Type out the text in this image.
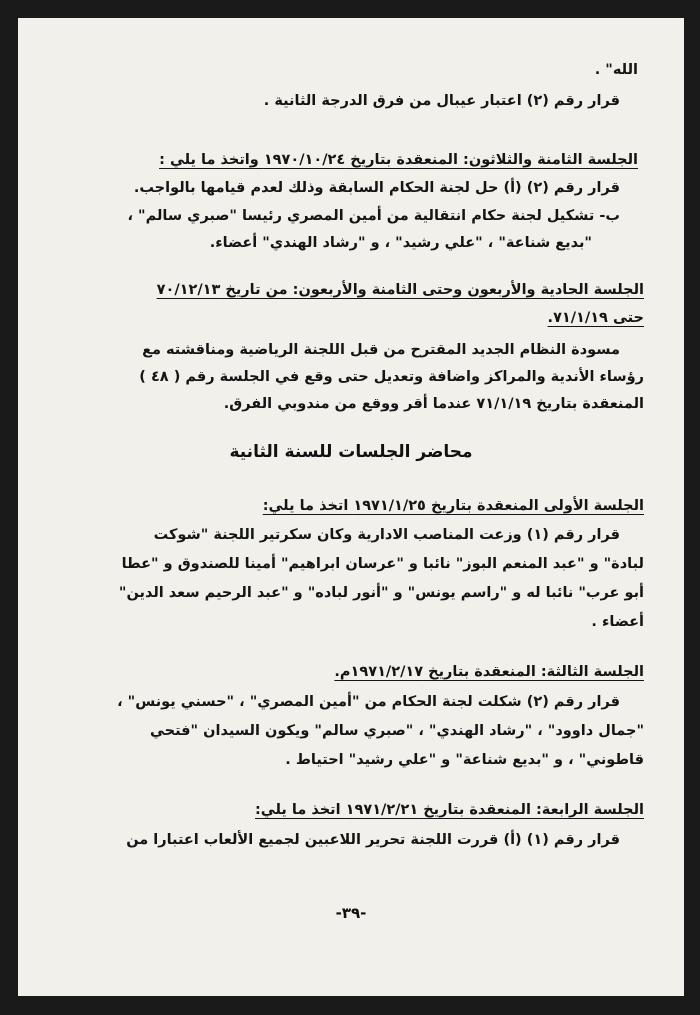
الله" .
قرار رقم (٢) اعتبار عيبال من فرق الدرجة الثانية .
الجلسة الثامنة والثلاثون: المنعقدة بتاريخ ١٩٧٠/١٠/٢٤ واتخذ ما يلي :
قرار رقم (٢) (أ) حل لجنة الحكام السابقة وذلك لعدم قيامها بالواجب.
ب- تشكيل لجنة حكام انتقالية من أمين المصري رئيسا "صبري سالم" ،
"بديع شناعة" ، "علي رشيد" ، و "رشاد الهندي" أعضاء.
الجلسة الحادية والأربعون وحتى الثامنة والأربعون: من تاريخ ٧٠/١٢/١٣
حتى ٧١/١/١٩.
مسودة النظام الجديد المقترح من قبل اللجنة الرياضية ومناقشته مع
رؤساء الأندية والمراكز واضافة وتعديل حتى وقع في الجلسة رقم ( ٤٨ )
المنعقدة بتاريخ ٧١/١/١٩ عندما أقر ووقع من مندوبي الفرق.
الجلسة الأولى المنعقدة بتاريخ ١٩٧١/١/٢٥ اتخذ ما يلي:
قرار رقم (١) وزعت المناصب الادارية وكان سكرتير اللجنة "شوكت
لبادة" و "عبد المنعم البوز" نائبا و "عرسان ابراهيم" أمينا للصندوق و "عطا
أبو عرب" نائبا له و "راسم يونس" و "أنور لباده" و "عبد الرحيم سعد الدين"
أعضاء .
الجلسة الثالثة: المنعقدة بتاريخ ١٩٧١/٢/١٧م.
قرار رقم (٢) شكلت لجنة الحكام من "أمين المصري" ، "حسني يونس" ،
"جمال داوود" ، "رشاد الهندي" ، "صبري سالم" ويكون السيدان "فتحي
قاطوني" ، و "بديع شناعة" و "علي رشيد" احتياط .
الجلسة الرابعة: المنعقدة بتاريخ ١٩٧١/٢/٢١ اتخذ ما يلي:
قرار رقم (١) (أ) قررت اللجنة تحرير اللاعبين لجميع الألعاب اعتبارا من
محاضر الجلسات للسنة الثانية
-٣٩-
